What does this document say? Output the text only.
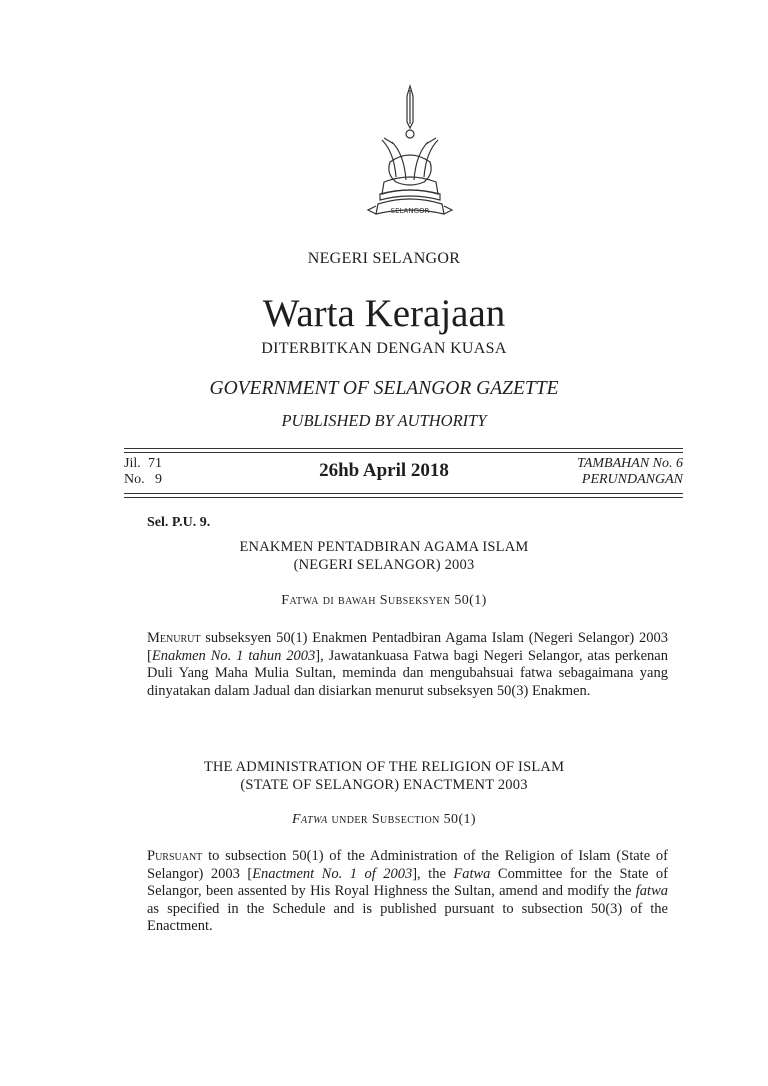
SELANGOR
NEGERI SELANGOR
Warta Kerajaan
DITERBITKAN DENGAN KUASA
GOVERNMENT OF SELANGOR GAZETTE
PUBLISHED BY AUTHORITY
Jil. 71
No. 9	26hb April 2018	TAMBAHAN No. 6
PERUNDANGAN
Sel. P.U. 9.
ENAKMEN PENTADBIRAN AGAMA ISLAM
(NEGERI SELANGOR) 2003
Fatwa di bawah Subseksyen 50(1)
Menurut subseksyen 50(1) Enakmen Pentadbiran Agama Islam (Negeri Selangor) 2003 [Enakmen No. 1 tahun 2003], Jawatankuasa Fatwa bagi Negeri Selangor, atas perkenan Duli Yang Maha Mulia Sultan, meminda dan mengubahsuai fatwa sebagaimana yang dinyatakan dalam Jadual dan disiarkan menurut subseksyen 50(3) Enakmen.
THE ADMINISTRATION OF THE RELIGION OF ISLAM
(STATE OF SELANGOR) ENACTMENT 2003
Fatwa under Subsection 50(1)
Pursuant to subsection 50(1) of the Administration of the Religion of Islam (State of Selangor) 2003 [Enactment No. 1 of 2003], the Fatwa Committee for the State of Selangor, been assented by His Royal Highness the Sultan, amend and modify the fatwa as specified in the Schedule and is published pursuant to subsection 50(3) of the Enactment.
